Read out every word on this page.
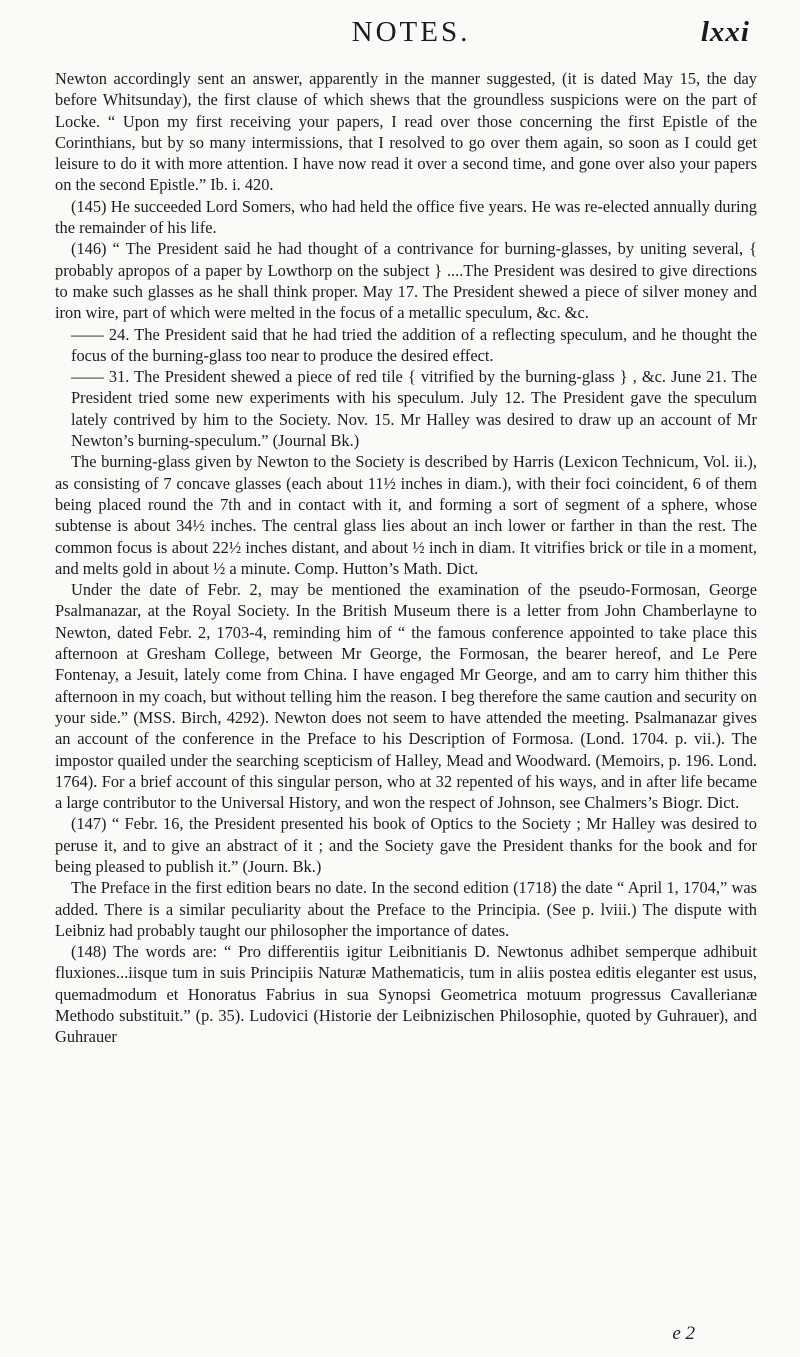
NOTES.	lxxi

Newton accordingly sent an answer, apparently in the manner suggested, (it is dated May 15, the day before Whitsunday), the first clause of which shews that the groundless suspicions were on the part of Locke. “ Upon my first receiving your papers, I read over those concerning the first Epistle of the Corinthians, but by so many intermissions, that I resolved to go over them again, so soon as I could get leisure to do it with more attention. I have now read it over a second time, and gone over also your papers on the second Epistle.” Ib. i. 420.

(145) He succeeded Lord Somers, who had held the office five years. He was re-elected annually during the remainder of his life.

(146) “ The President said he had thought of a contrivance for burning-glasses, by uniting several, { probably apropos of a paper by Lowthorp on the subject } ....The President was desired to give directions to make such glasses as he shall think proper. May 17. The President shewed a piece of silver money and iron wire, part of which were melted in the focus of a metallic speculum, &c. &c.

—— 24. The President said that he had tried the addition of a reflecting speculum, and he thought the focus of the burning-glass too near to produce the desired effect.

—— 31. The President shewed a piece of red tile { vitrified by the burning-glass } , &c. June 21. The President tried some new experiments with his speculum. July 12. The President gave the speculum lately contrived by him to the Society. Nov. 15. Mr Halley was desired to draw up an account of Mr Newton’s burning-speculum.” (Journal Bk.)

The burning-glass given by Newton to the Society is described by Harris (Lexicon Technicum, Vol. ii.), as consisting of 7 concave glasses (each about 11½ inches in diam.), with their foci coincident, 6 of them being placed round the 7th and in contact with it, and forming a sort of segment of a sphere, whose subtense is about 34½ inches. The central glass lies about an inch lower or farther in than the rest. The common focus is about 22½ inches distant, and about ½ inch in diam. It vitrifies brick or tile in a moment, and melts gold in about ½ a minute. Comp. Hutton’s Math. Dict.

Under the date of Febr. 2, may be mentioned the examination of the pseudo-Formosan, George Psalmanazar, at the Royal Society. In the British Museum there is a letter from John Chamberlayne to Newton, dated Febr. 2, 1703-4, reminding him of “ the famous conference appointed to take place this afternoon at Gresham College, between Mr George, the Formosan, the bearer hereof, and Le Pere Fontenay, a Jesuit, lately come from China. I have engaged Mr George, and am to carry him thither this afternoon in my coach, but without telling him the reason. I beg therefore the same caution and security on your side.” (MSS. Birch, 4292). Newton does not seem to have attended the meeting. Psalmanazar gives an account of the conference in the Preface to his Description of Formosa. (Lond. 1704. p. vii.). The impostor quailed under the searching scepticism of Halley, Mead and Woodward. (Memoirs, p. 196. Lond. 1764). For a brief account of this singular person, who at 32 repented of his ways, and in after life became a large contributor to the Universal History, and won the respect of Johnson, see Chalmers’s Biogr. Dict.

(147) “ Febr. 16, the President presented his book of Optics to the Society ; Mr Halley was desired to peruse it, and to give an abstract of it ; and the Society gave the President thanks for the book and for being pleased to publish it.” (Journ. Bk.)

The Preface in the first edition bears no date. In the second edition (1718) the date “ April 1, 1704,” was added. There is a similar peculiarity about the Preface to the Principia. (See p. lviii.) The dispute with Leibniz had probably taught our philosopher the importance of dates.

(148) The words are: “ Pro differentiis igitur Leibnitianis D. Newtonus adhibet semperque adhibuit fluxiones...iisque tum in suis Principiis Naturæ Mathematicis, tum in aliis postea editis eleganter est usus, quemadmodum et Honoratus Fabrius in sua Synopsi Geometrica motuum progressus Cavallerianæ Methodo substituit.” (p. 35). Ludovici (Historie der Leibnizischen Philosophie, quoted by Guhrauer), and Guhrauer

e 2
